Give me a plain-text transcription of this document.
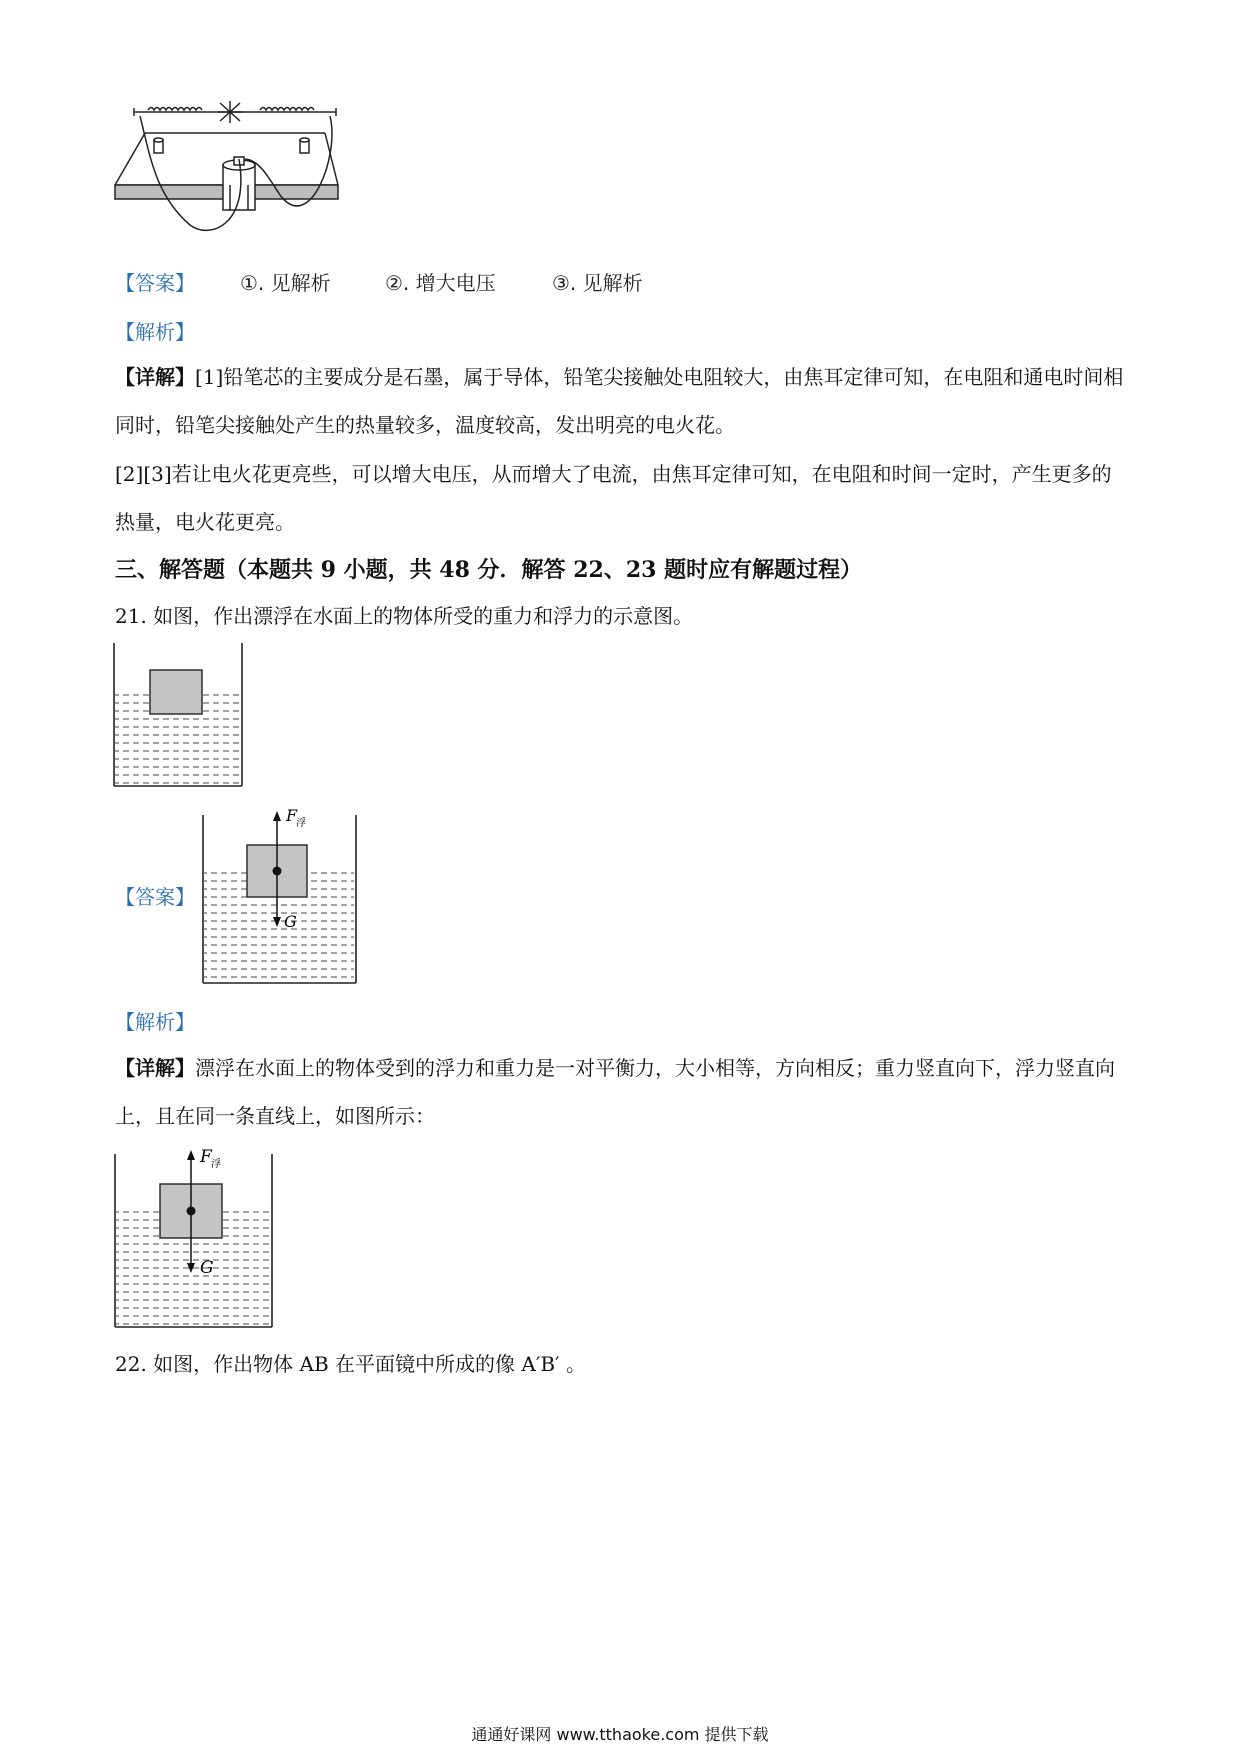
【答案】 ①. 见解析	②. 增大电压	③. 见解析
【解析】
【详解】[1]铅笔芯的主要成分是石墨，属于导体，铅笔尖接触处电阻较大，由焦耳定律可知，在电阻和通电时间相同时，铅笔尖接触处产生的热量较多，温度较高，发出明亮的电火花。
[2][3]若让电火花更亮些，可以增大电压，从而增大了电流，由焦耳定律可知，在电阻和时间一定时，产生更多的热量，电火花更亮。
三、解答题（本题共 9 小题，共 48 分．解答 22、23 题时应有解题过程）
21. 如图，作出漂浮在水面上的物体所受的重力和浮力的示意图。
【答案】
F
浮
G
【解析】
【详解】漂浮在水面上的物体受到的浮力和重力是一对平衡力，大小相等，方向相反；重力竖直向下，浮力竖直向上，且在同一条直线上，如图所示：
F 浮
G
22. 如图，作出物体 AB 在平面镜中所成的像 A′B′ 。
通通好课网 www.tthaoke.com 提供下载
